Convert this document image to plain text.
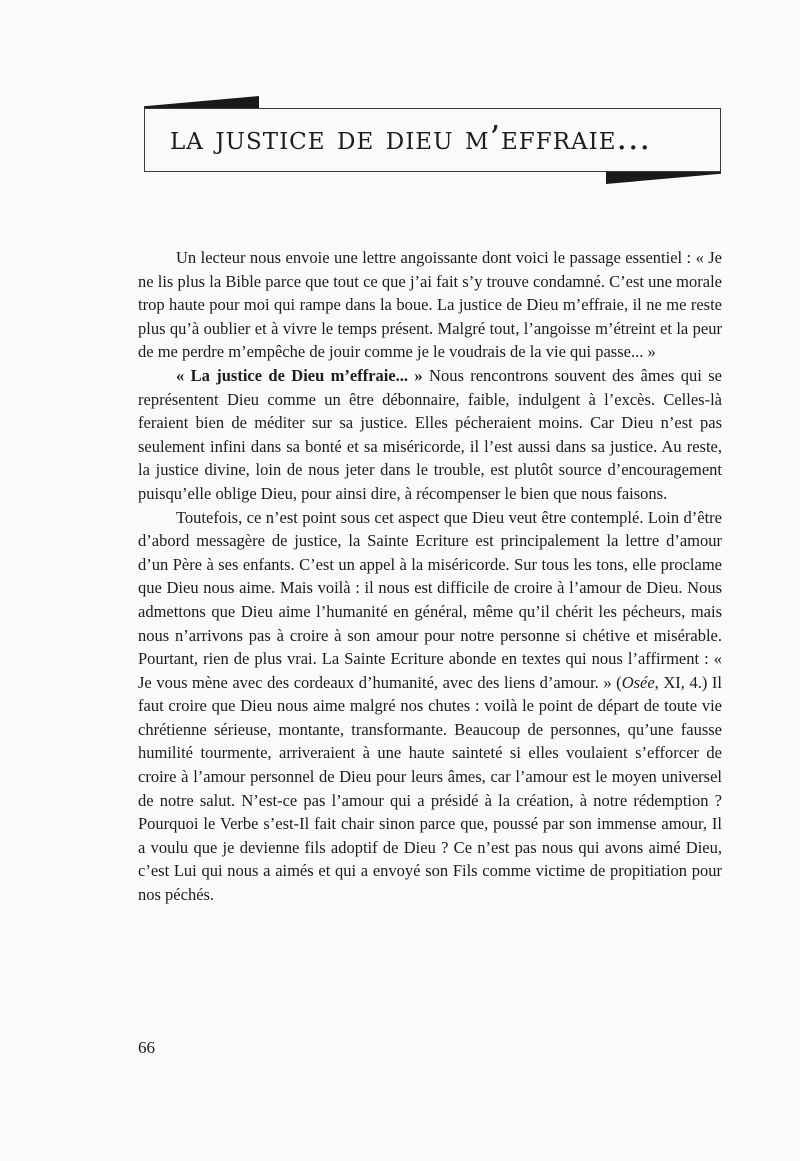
la justice de dieu m’effraie...

Un lecteur nous envoie une lettre angoissante dont voici le passage essentiel : « Je ne lis plus la Bible parce que tout ce que j’ai fait s’y trouve condamné. C’est une morale trop haute pour moi qui rampe dans la boue. La justice de Dieu m’effraie, il ne me reste plus qu’à oublier et à vivre le temps présent. Malgré tout, l’angoisse m’étreint et la peur de me perdre m’empêche de jouir comme je le voudrais de la vie qui passe... »

« La justice de Dieu m’effraie... » Nous rencontrons souvent des âmes qui se représentent Dieu comme un être débonnaire, faible, indulgent à l’excès. Celles-là feraient bien de méditer sur sa justice. Elles pécheraient moins. Car Dieu n’est pas seulement infini dans sa bonté et sa miséricorde, il l’est aussi dans sa justice. Au reste, la justice divine, loin de nous jeter dans le trouble, est plutôt source d’encouragement puisqu’elle oblige Dieu, pour ainsi dire, à récompenser le bien que nous faisons.

Toutefois, ce n’est point sous cet aspect que Dieu veut être contemplé. Loin d’être d’abord messagère de justice, la Sainte Ecriture est principalement la lettre d’amour d’un Père à ses enfants. C’est un appel à la miséricorde. Sur tous les tons, elle proclame que Dieu nous aime. Mais voilà : il nous est difficile de croire à l’amour de Dieu. Nous admettons que Dieu aime l’humanité en général, même qu’il chérit les pécheurs, mais nous n’arrivons pas à croire à son amour pour notre personne si chétive et misérable. Pourtant, rien de plus vrai. La Sainte Ecriture abonde en textes qui nous l’affirment : « Je vous mène avec des cordeaux d’humanité, avec des liens d’amour. » (Osée, XI, 4.) Il faut croire que Dieu nous aime malgré nos chutes : voilà le point de départ de toute vie chrétienne sérieuse, montante, transformante. Beaucoup de personnes, qu’une fausse humilité tourmente, arriveraient à une haute sainteté si elles voulaient s’efforcer de croire à l’amour personnel de Dieu pour leurs âmes, car l’amour est le moyen universel de notre salut. N’est-ce pas l’amour qui a présidé à la création, à notre rédemption ? Pourquoi le Verbe s’est-Il fait chair sinon parce que, poussé par son immense amour, Il a voulu que je devienne fils adoptif de Dieu ? Ce n’est pas nous qui avons aimé Dieu, c’est Lui qui nous a aimés et qui a envoyé son Fils comme victime de propitiation pour nos péchés.

66
